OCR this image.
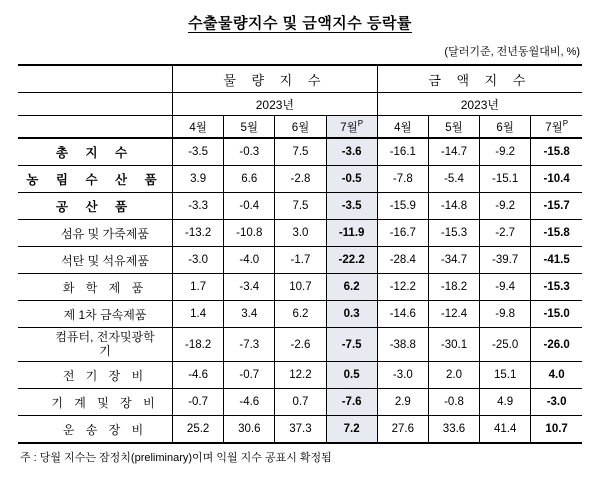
수출물량지수 및 금액지수 등락률
(달러기준, 전년동월대비, %)
	물 량 지 수				금 액 지 수			
	2023년				2023년			
	4월	5월	6월	7월$^P$	4월	5월	6월	7월$^P$
총 지 수	-3.5	-0.3	7.5	-3.6	-16.1	-14.7	-9.2	-15.8
농 림 수 산 품	3.9	6.6	-2.8	-0.5	-7.8	-5.4	-15.1	-10.4
공 산 품	-3.3	-0.4	7.5	-3.5	-15.9	-14.8	-9.2	-15.7
섬유 및 가죽제품	-13.2	-10.8	3.0	-11.9	-16.7	-15.3	-2.7	-15.8
석탄 및 석유제품	-3.0	-4.0	-1.7	-22.2	-28.4	-34.7	-39.7	-41.5
화 학 제 품	1.7	-3.4	10.7	6.2	-12.2	-18.2	-9.4	-15.3
제 1차 금속제품	1.4	3.4	6.2	0.3	-14.6	-12.4	-9.8	-15.0
컴퓨터, 전자및광학
기	-18.2	-7.3	-2.6	-7.5	-38.8	-30.1	-25.0	-26.0
전 기 장 비	-4.6	-0.7	12.2	0.5	-3.0	2.0	15.1	4.0
기 계 및 장 비	-0.7	-4.6	0.7	-7.6	2.9	-0.8	4.9	-3.0
운 송 장 비	25.2	30.6	37.3	7.2	27.6	33.6	41.4	10.7
주 : 당월 지수는 잠정치(preliminary)이며 익월 지수 공표시 확정됨
